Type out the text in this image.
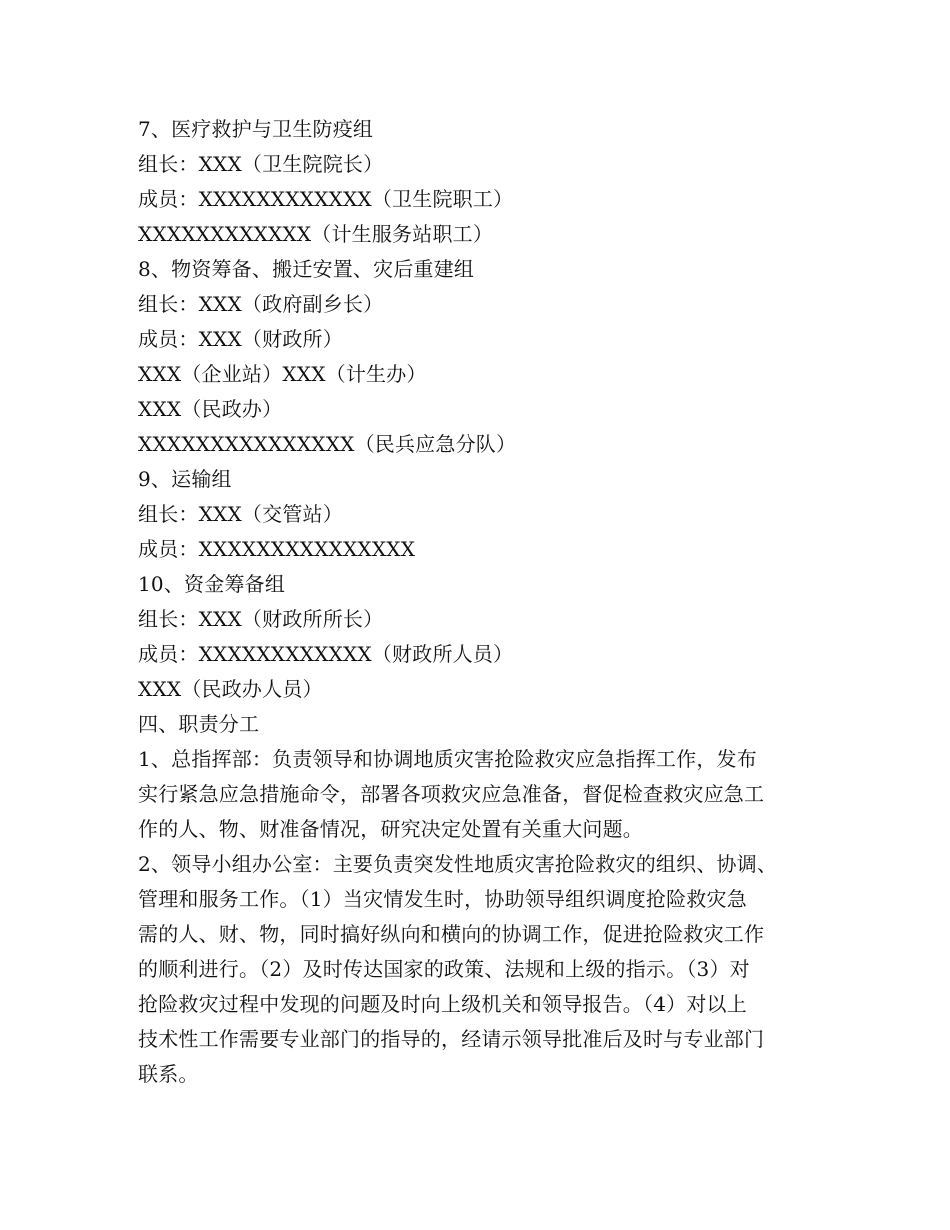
7、医疗救护与卫生防疫组
组长：XXX（卫生院院长）
成员：XXXXXXXXXXXX（卫生院职工）
XXXXXXXXXXXX（计生服务站职工）
8、物资筹备、搬迁安置、灾后重建组
组长：XXX（政府副乡长）
成员：XXX（财政所）
XXX（企业站）XXX（计生办）
XXX（民政办）
XXXXXXXXXXXXXXX（民兵应急分队）
9、运输组
组长：XXX（交管站）
成员：XXXXXXXXXXXXXXX
10、资金筹备组
组长：XXX（财政所所长）
成员：XXXXXXXXXXXX（财政所人员）
XXX（民政办人员）
四、职责分工
1、总指挥部：负责领导和协调地质灾害抢险救灾应急指挥工作，发布
实行紧急应急措施命令，部署各项救灾应急准备，督促检查救灾应急工
作的人、物、财准备情况，研究决定处置有关重大问题。
2、领导小组办公室：主要负责突发性地质灾害抢险救灾的组织、协调、
管理和服务工作。（1）当灾情发生时，协助领导组织调度抢险救灾急
需的人、财、物，同时搞好纵向和横向的协调工作，促进抢险救灾工作
的顺利进行。（2）及时传达国家的政策、法规和上级的指示。（3）对
抢险救灾过程中发现的问题及时向上级机关和领导报告。（4）对以上
技术性工作需要专业部门的指导的，经请示领导批准后及时与专业部门
联系。
